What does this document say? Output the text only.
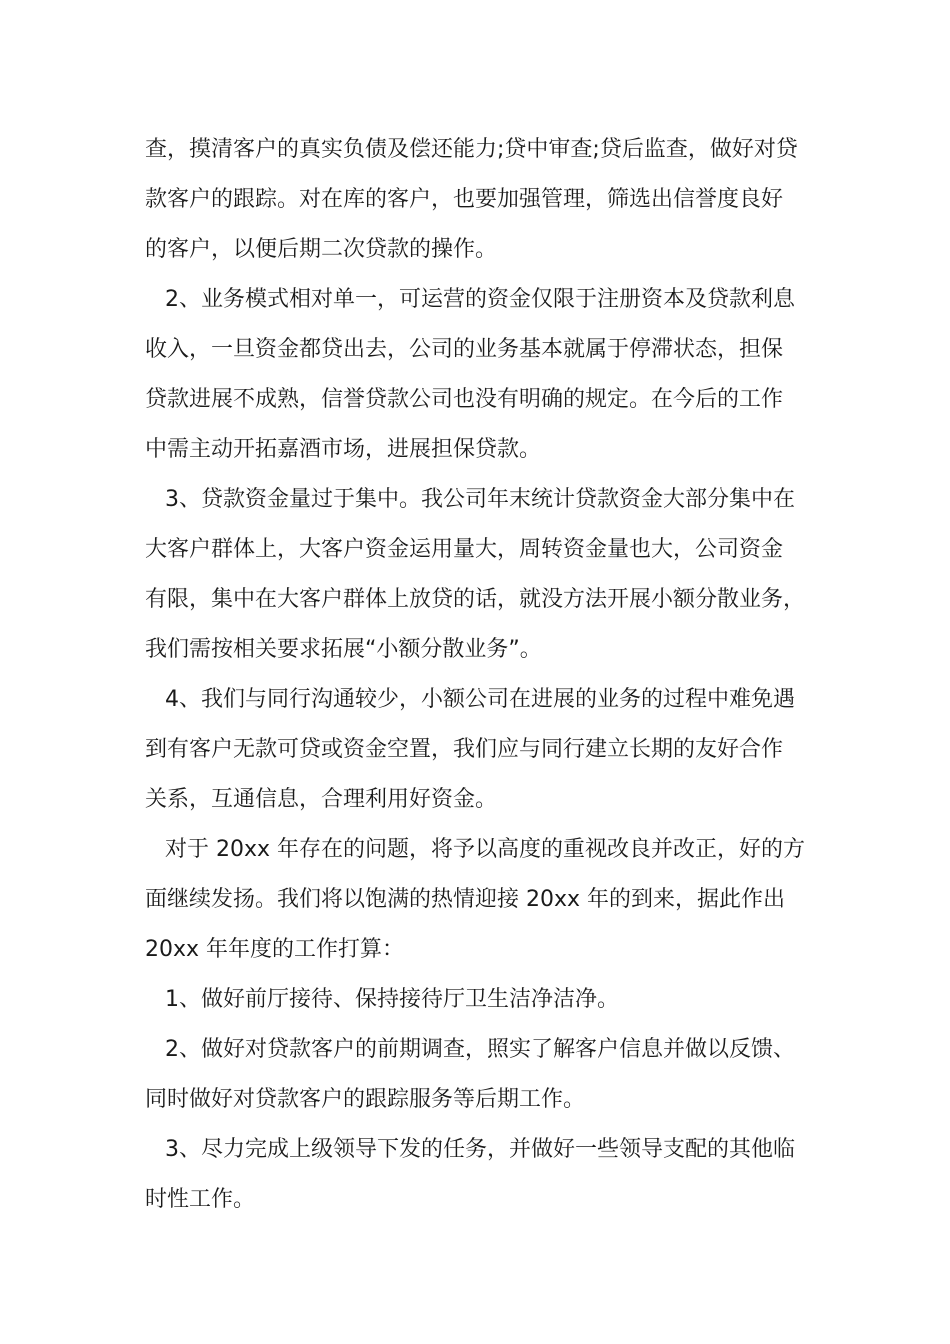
查，摸清客户的真实负债及偿还能力;贷中审查;贷后监查，做好对贷
款客户的跟踪。对在库的客户，也要加强管理，筛选出信誉度良好
的客户，以便后期二次贷款的操作。
2、业务模式相对单一，可运营的资金仅限于注册资本及贷款利息
收入，一旦资金都贷出去，公司的业务基本就属于停滞状态，担保
贷款进展不成熟，信誉贷款公司也没有明确的规定。在今后的工作
中需主动开拓嘉酒市场，进展担保贷款。
3、贷款资金量过于集中。我公司年末统计贷款资金大部分集中在
大客户群体上，大客户资金运用量大，周转资金量也大，公司资金
有限，集中在大客户群体上放贷的话，就没方法开展小额分散业务，
我们需按相关要求拓展“小额分散业务”。
4、我们与同行沟通较少，小额公司在进展的业务的过程中难免遇
到有客户无款可贷或资金空置，我们应与同行建立长期的友好合作
关系，互通信息，合理利用好资金。
对于 20xx 年存在的问题，将予以高度的重视改良并改正，好的方
面继续发扬。我们将以饱满的热情迎接 20xx 年的到来，据此作出
20xx 年年度的工作打算：
1、做好前厅接待、保持接待厅卫生洁净洁净。
2、做好对贷款客户的前期调查，照实了解客户信息并做以反馈、
同时做好对贷款客户的跟踪服务等后期工作。
3、尽力完成上级领导下发的任务，并做好一些领导支配的其他临
时性工作。
